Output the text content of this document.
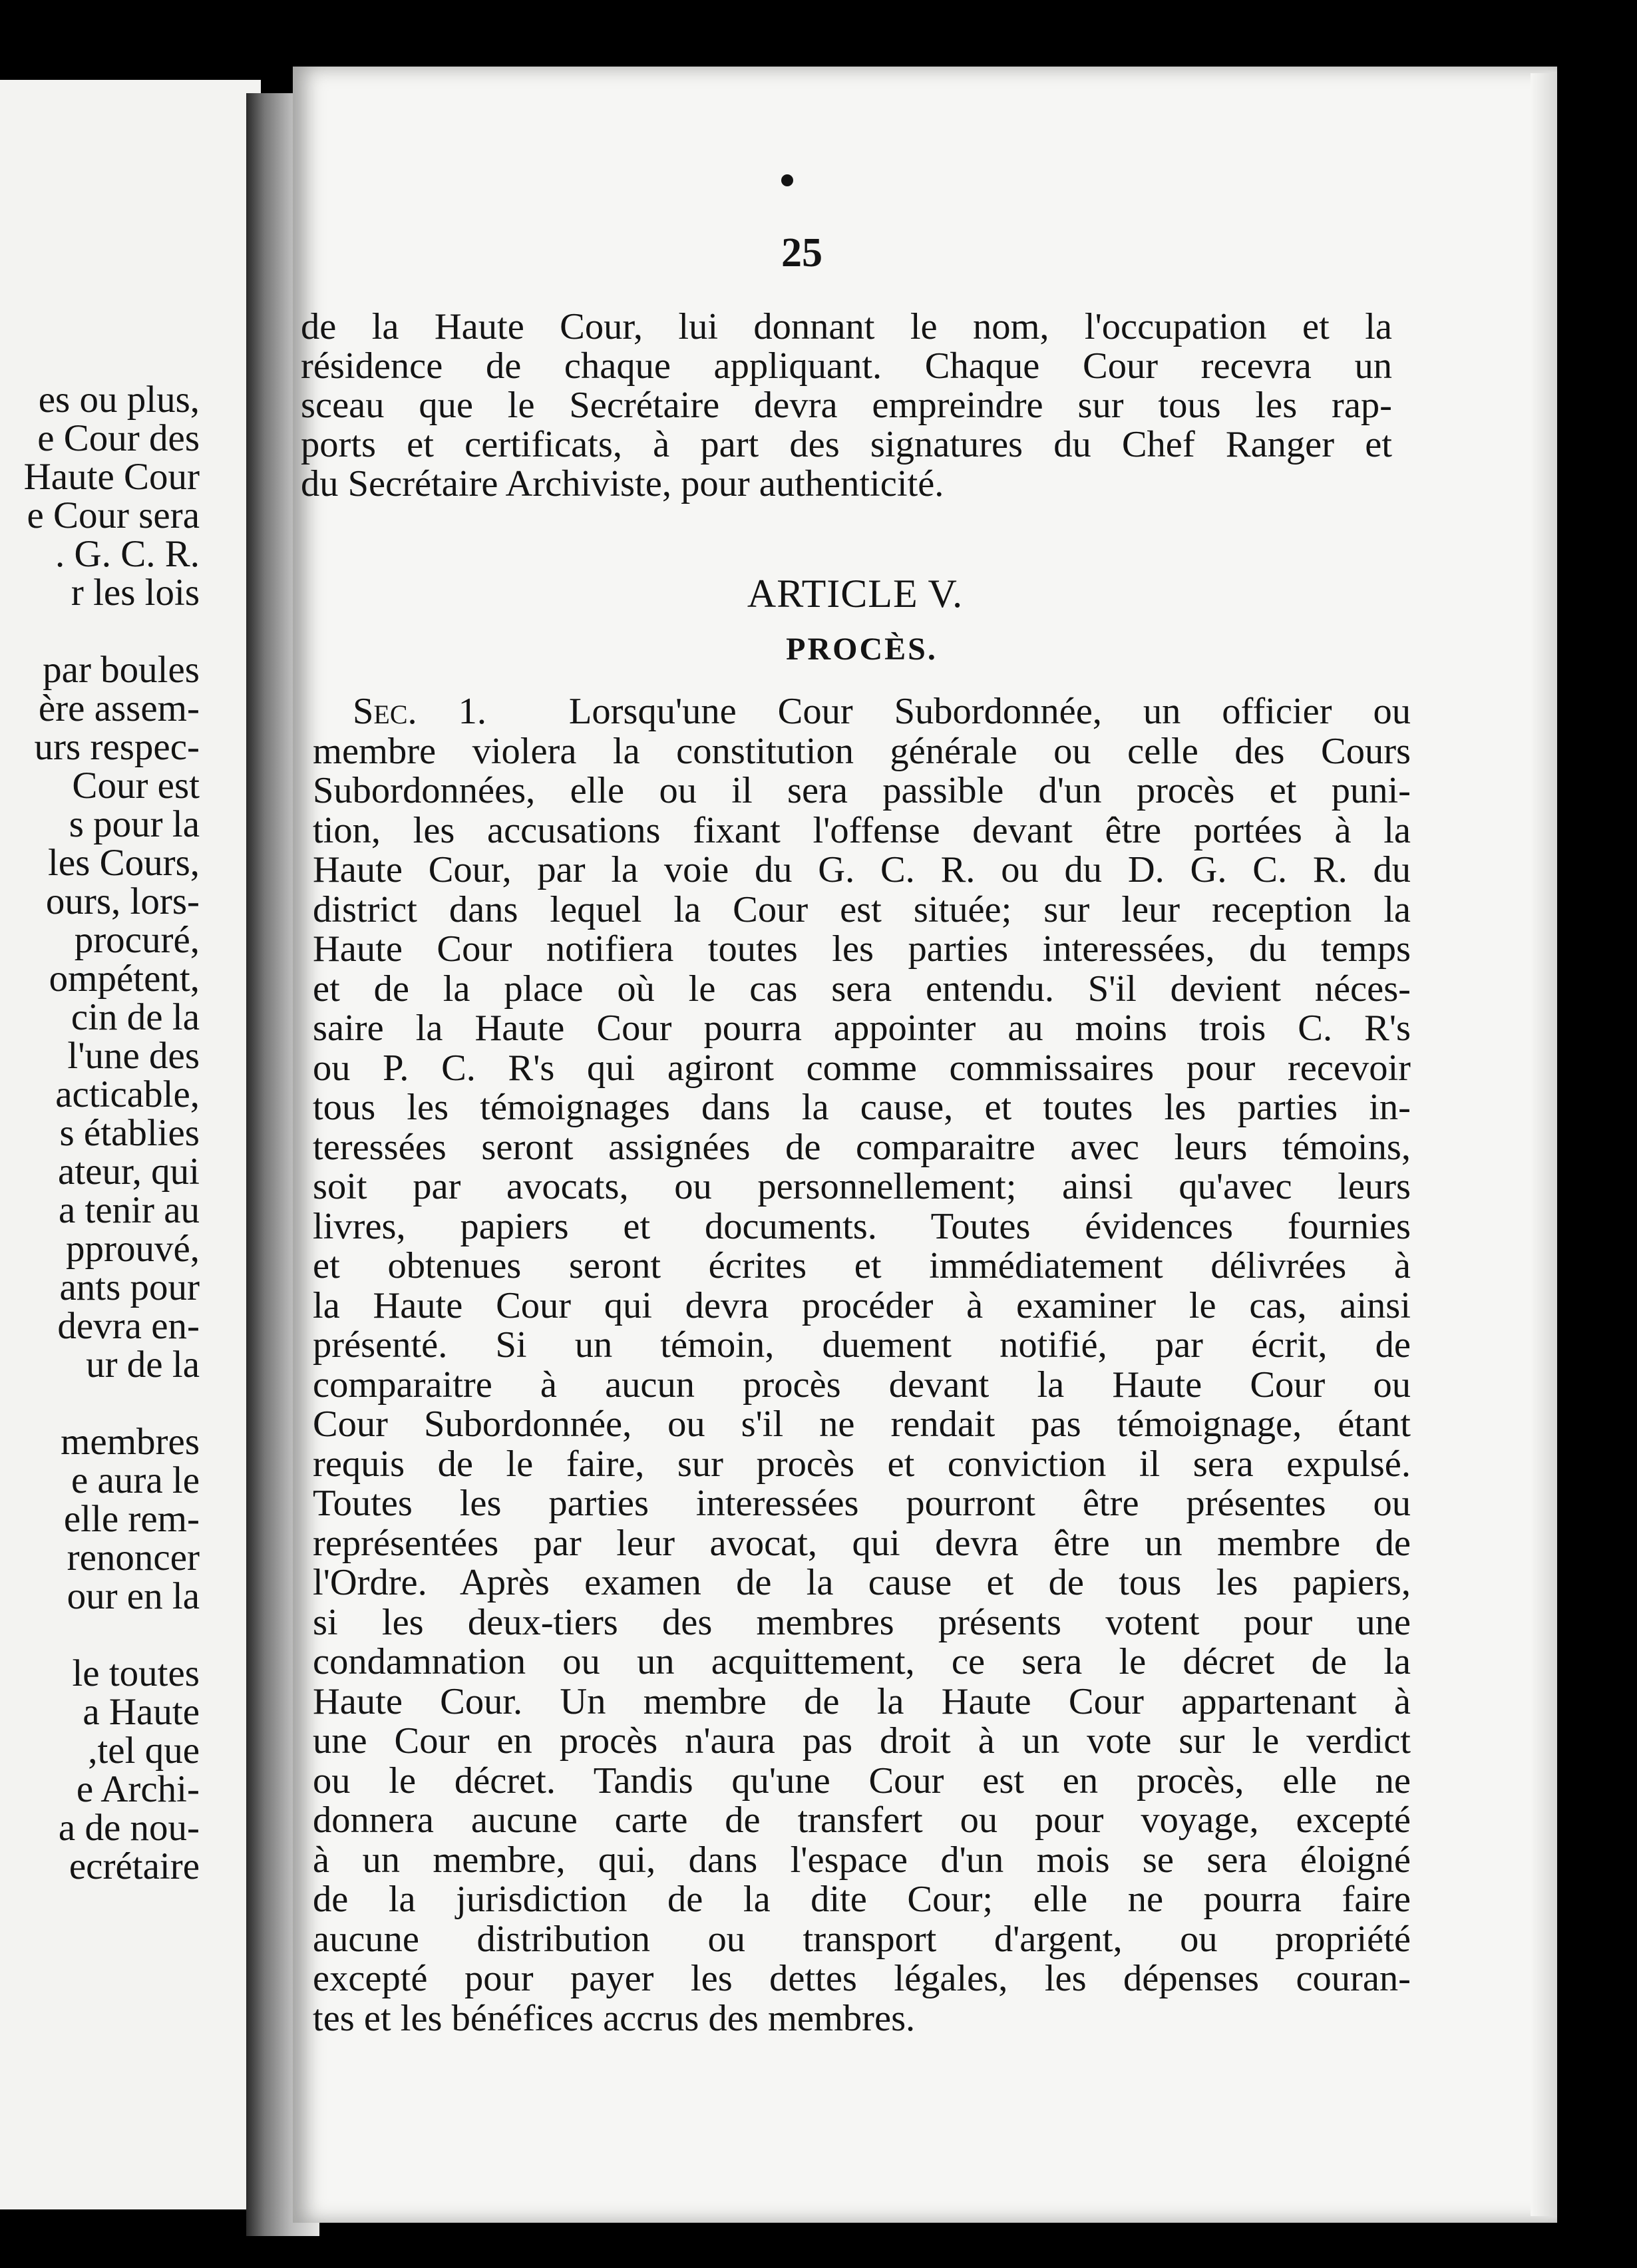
es ou plus,
e Cour des
Haute Cour
e Cour sera
. G. C. R.
r les lois
par boules
ère assem-
urs respec-
Cour est
s pour la
les Cours,
ours, lors-
procuré,
ompétent,
cin de la
l'une des
acticable,
s établies
ateur, qui
a tenir au
pprouvé,
ants pour
devra en-
ur de la
membres
e aura le
elle rem-
renoncer
our en la
le toutes
a Haute
,tel que
e Archi-
a de nou-
ecrétaire
25
de la Haute Cour, lui donnant le nom, l'occupation et la
résidence de chaque appliquant. Chaque Cour recevra un
sceau que le Secrétaire devra empreindre sur tous les rap-
ports et certificats, à part des signatures du Chef Ranger et
du Secrétaire Archiviste, pour authenticité.
ARTICLE V.
PROCÈS.
Sec. 1. Lorsqu'une Cour Subordonnée, un officier ou
membre violera la constitution générale ou celle des Cours
Subordonnées, elle ou il sera passible d'un procès et puni-
tion, les accusations fixant l'offense devant être portées à la
Haute Cour, par la voie du G. C. R. ou du D. G. C. R. du
district dans lequel la Cour est située; sur leur reception la
Haute Cour notifiera toutes les parties interessées, du temps
et de la place où le cas sera entendu. S'il devient néces-
saire la Haute Cour pourra appointer au moins trois C. R's
ou P. C. R's qui agiront comme commissaires pour recevoir
tous les témoignages dans la cause, et toutes les parties in-
teressées seront assignées de comparaitre avec leurs témoins,
soit par avocats, ou personnellement; ainsi qu'avec leurs
livres, papiers et documents. Toutes évidences fournies
et obtenues seront écrites et immédiatement délivrées à
la Haute Cour qui devra procéder à examiner le cas, ainsi
présenté. Si un témoin, duement notifié, par écrit, de
comparaitre à aucun procès devant la Haute Cour ou
Cour Subordonnée, ou s'il ne rendait pas témoignage, étant
requis de le faire, sur procès et conviction il sera expulsé.
Toutes les parties interessées pourront être présentes ou
représentées par leur avocat, qui devra être un membre de
l'Ordre. Après examen de la cause et de tous les papiers,
si les deux-tiers des membres présents votent pour une
condamnation ou un acquittement, ce sera le décret de la
Haute Cour. Un membre de la Haute Cour appartenant à
une Cour en procès n'aura pas droit à un vote sur le verdict
ou le décret. Tandis qu'une Cour est en procès, elle ne
donnera aucune carte de transfert ou pour voyage, excepté
à un membre, qui, dans l'espace d'un mois se sera éloigné
de la jurisdiction de la dite Cour; elle ne pourra faire
aucune distribution ou transport d'argent, ou propriété
excepté pour payer les dettes légales, les dépenses couran-
tes et les bénéfices accrus des membres.
